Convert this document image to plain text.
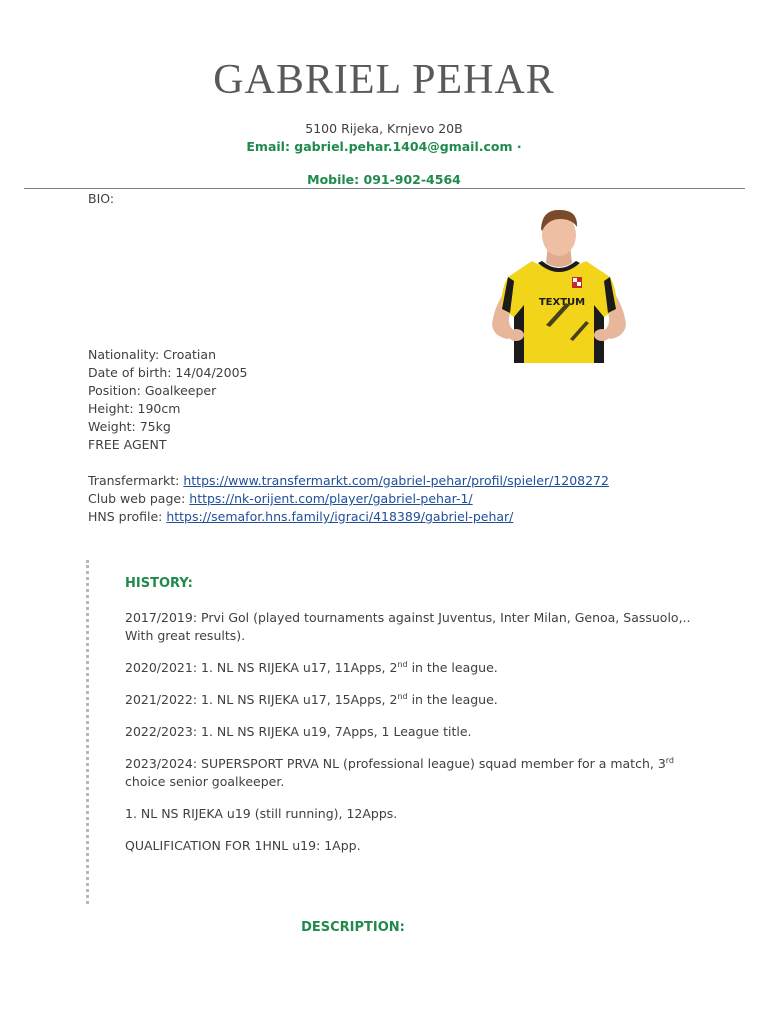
GABRIEL PEHAR
5100 Rijeka, Krnjevo 20B
Email: gabriel.pehar.1404@gmail.com ·
Mobile: 091-902-4564
BIO:
TEXTUM
Nationality: Croatian
Date of birth: 14/04/2005
Position: Goalkeeper
Height: 190cm
Weight: 75kg
FREE AGENT
Transfermarkt: https://www.transfermarkt.com/gabriel-pehar/profil/spieler/1208272
Club web page: https://nk-orijent.com/player/gabriel-pehar-1/
HNS profile: https://semafor.hns.family/igraci/418389/gabriel-pehar/
HISTORY:

2017/2019: Prvi Gol (played tournaments against Juventus, Inter Milan, Genoa, Sassuolo,.. With great results).

2020/2021: 1. NL NS RIJEKA u17, 11Apps, 2nd in the league.

2021/2022: 1. NL NS RIJEKA u17, 15Apps, 2nd in the league.

2022/2023: 1. NL NS RIJEKA u19, 7Apps, 1 League title.

2023/2024: SUPERSPORT PRVA NL (professional league) squad member for a match, 3rd choice senior goalkeeper.

1. NL NS RIJEKA u19 (still running), 12Apps.

QUALIFICATION FOR 1HNL u19: 1App.

DESCRIPTION:
